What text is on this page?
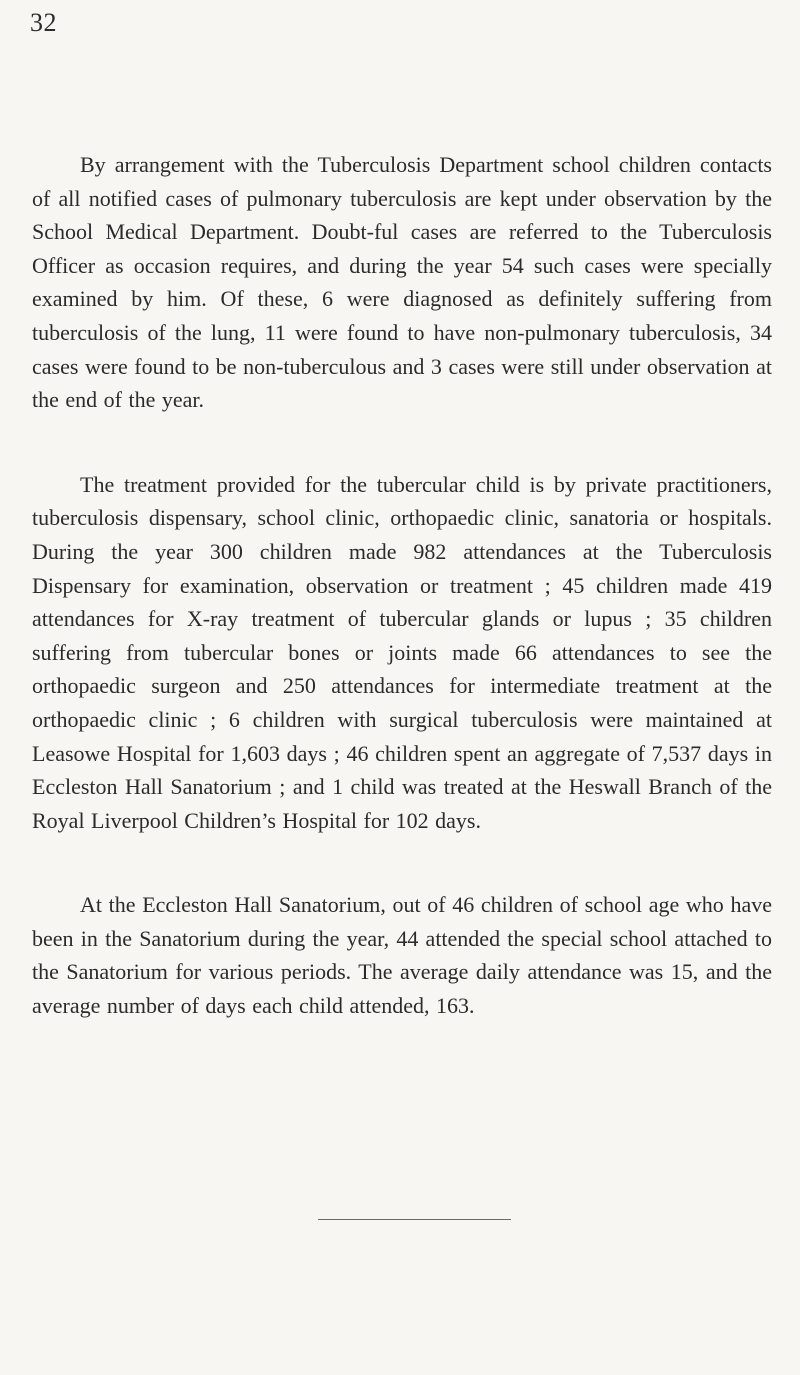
32

By arrangement with the Tuberculosis Department school children contacts of all notified cases of pulmonary tuberculosis are kept under observation by the School Medical Department. Doubt-ful cases are referred to the Tuberculosis Officer as occasion requires, and during the year 54 such cases were specially examined by him. Of these, 6 were diagnosed as definitely suffering from tuberculosis of the lung, 11 were found to have non-pulmonary tuberculosis, 34 cases were found to be non-tuberculous and 3 cases were still under observation at the end of the year.

The treatment provided for the tubercular child is by private practitioners, tuberculosis dispensary, school clinic, orthopaedic clinic, sanatoria or hospitals. During the year 300 children made 982 attendances at the Tuberculosis Dispensary for examination, observation or treatment ; 45 children made 419 attendances for X-ray treatment of tubercular glands or lupus ; 35 children suffering from tubercular bones or joints made 66 attendances to see the orthopaedic surgeon and 250 attendances for intermediate treatment at the orthopaedic clinic ; 6 children with surgical tuberculosis were maintained at Leasowe Hospital for 1,603 days ; 46 children spent an aggregate of 7,537 days in Eccleston Hall Sanatorium ; and 1 child was treated at the Heswall Branch of the Royal Liverpool Children’s Hospital for 102 days.

At the Eccleston Hall Sanatorium, out of 46 children of school age who have been in the Sanatorium during the year, 44 attended the special school attached to the Sanatorium for various periods. The average daily attendance was 15, and the average number of days each child attended, 163.
